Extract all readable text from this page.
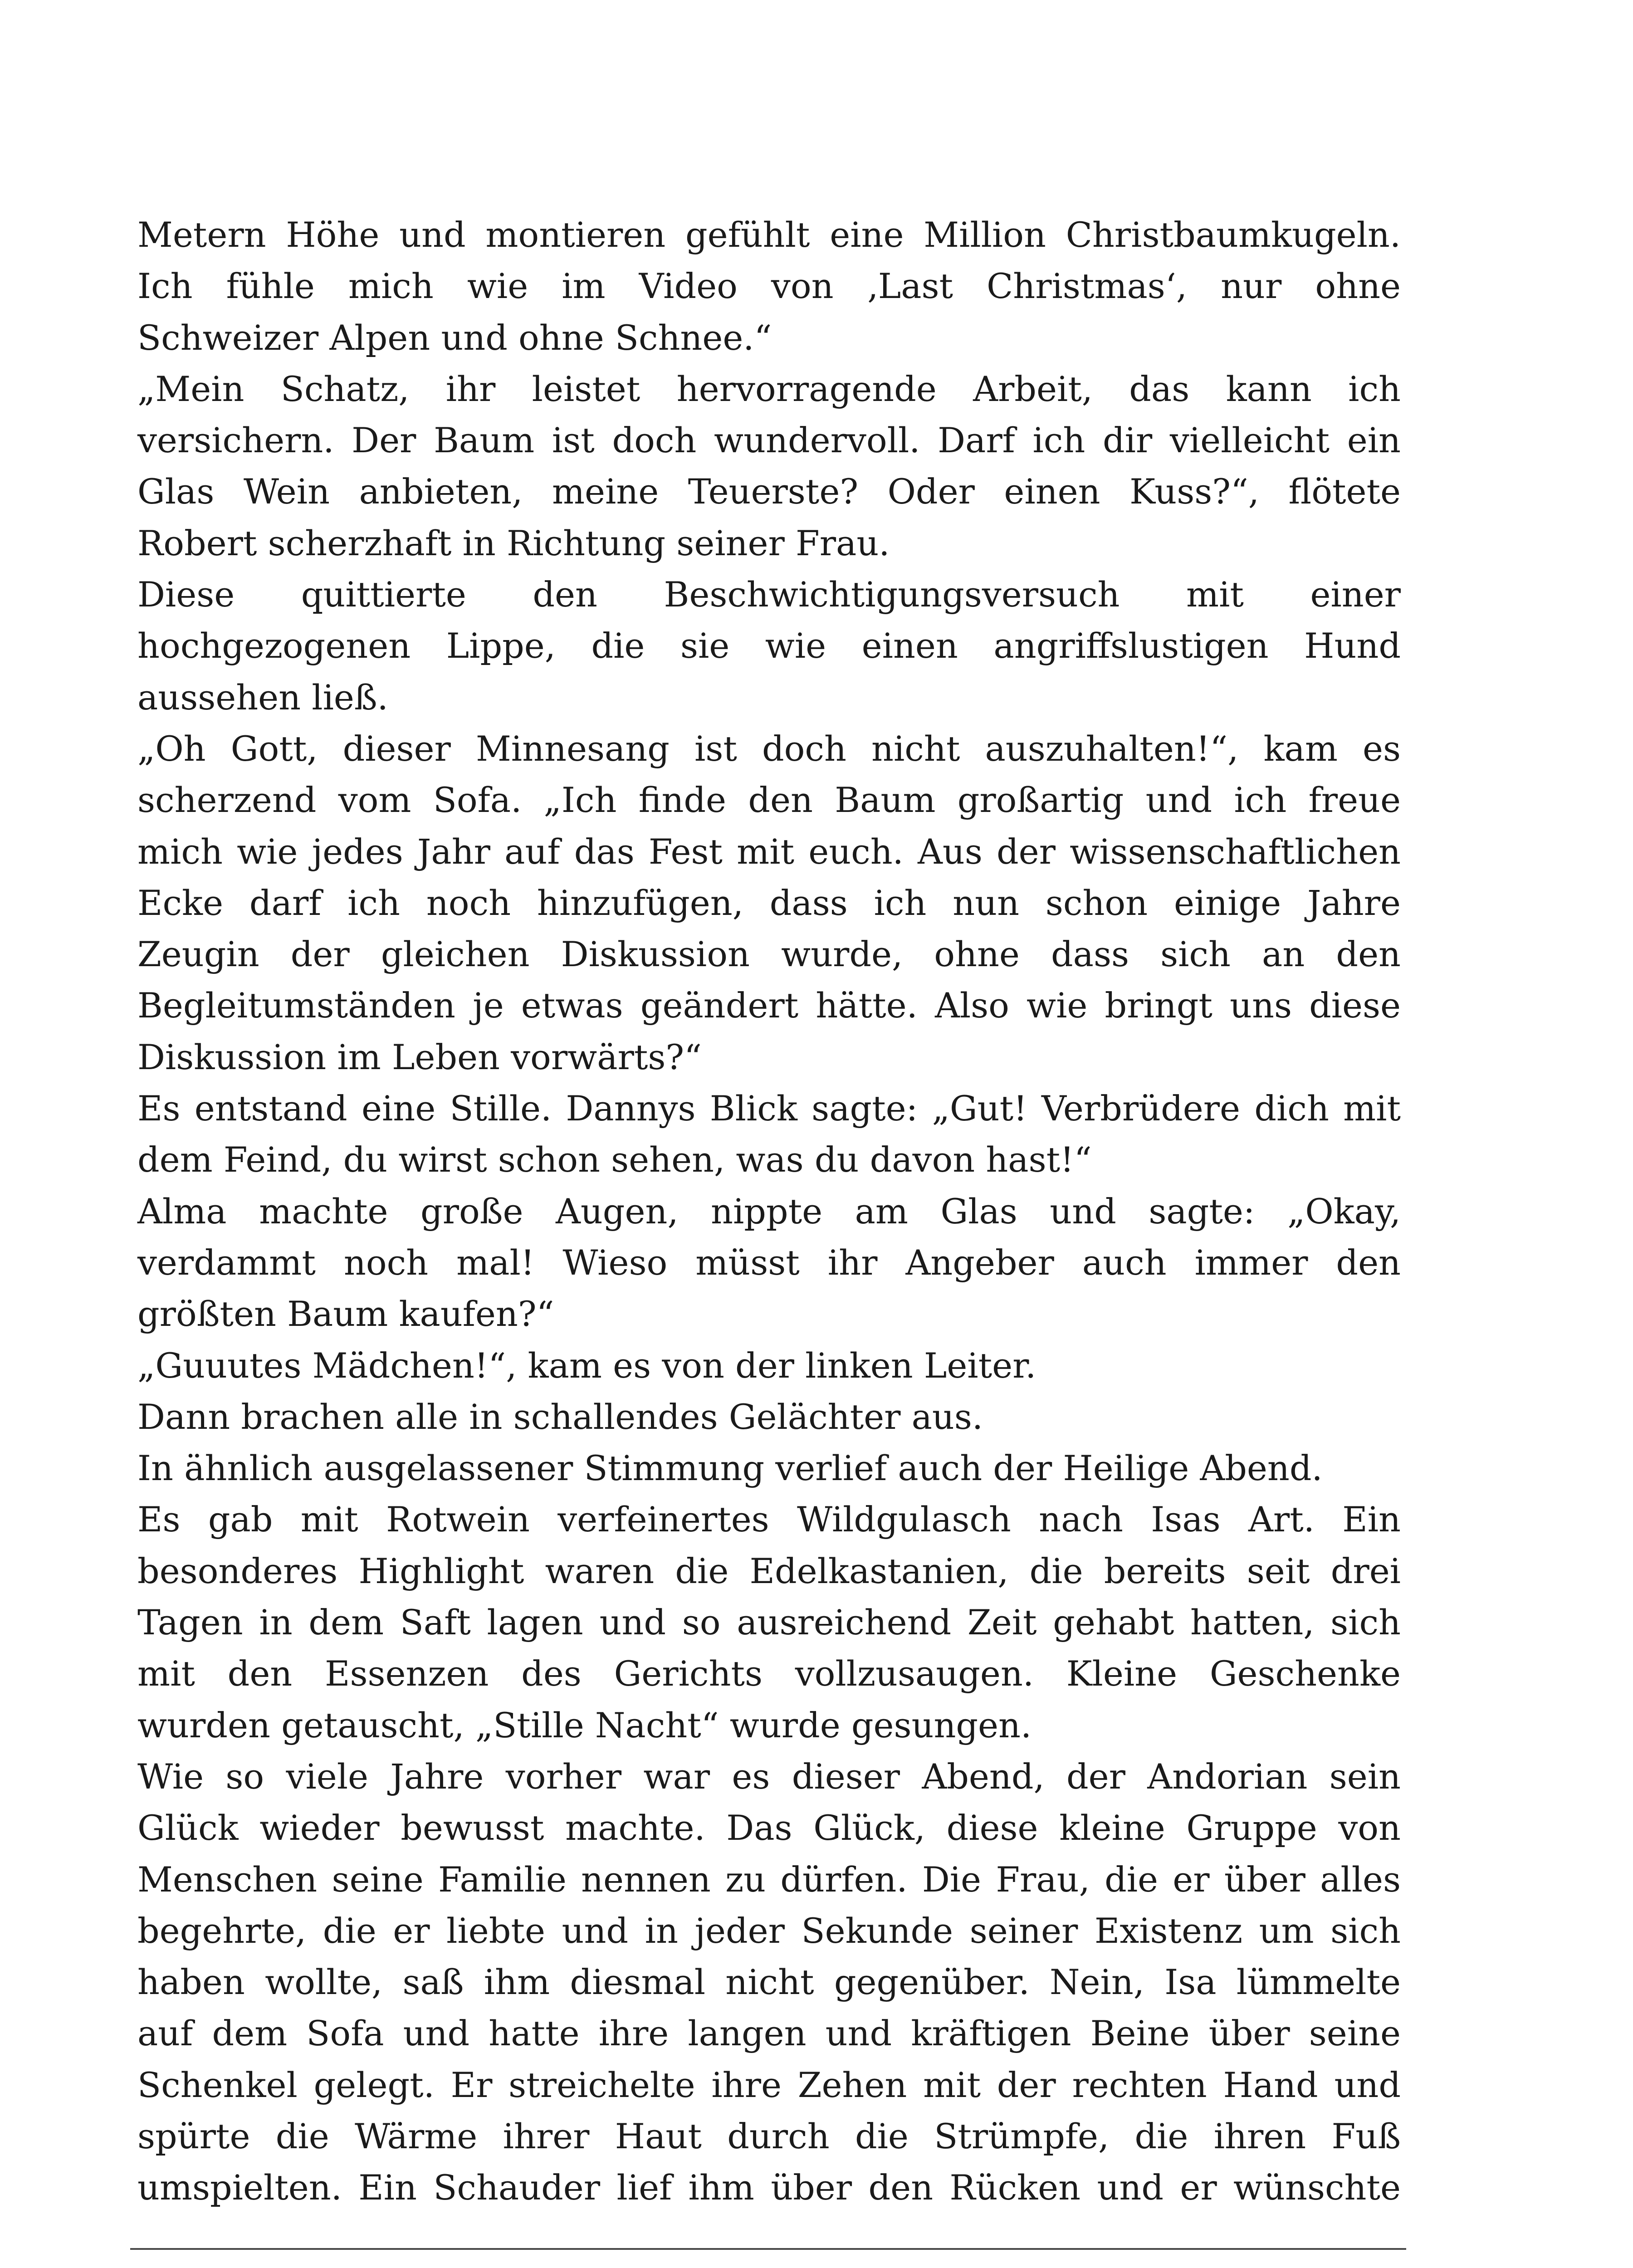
Metern Höhe und montieren gefühlt eine Million Christbaumkugeln.
Ich fühle mich wie im Video von ‚Last Christmas‘, nur ohne
Schweizer Alpen und ohne Schnee.“
„Mein Schatz, ihr leistet hervorragende Arbeit, das kann ich
versichern. Der Baum ist doch wundervoll. Darf ich dir vielleicht ein
Glas Wein anbieten, meine Teuerste? Oder einen Kuss?“, flötete
Robert scherzhaft in Richtung seiner Frau.
Diese quittierte den Beschwichtigungsversuch mit einer
hochgezogenen Lippe, die sie wie einen angriffslustigen Hund
aussehen ließ.
„Oh Gott, dieser Minnesang ist doch nicht auszuhalten!“, kam es
scherzend vom Sofa. „Ich finde den Baum großartig und ich freue
mich wie jedes Jahr auf das Fest mit euch. Aus der wissenschaftlichen
Ecke darf ich noch hinzufügen, dass ich nun schon einige Jahre
Zeugin der gleichen Diskussion wurde, ohne dass sich an den
Begleitumständen je etwas geändert hätte. Also wie bringt uns diese
Diskussion im Leben vorwärts?“
Es entstand eine Stille. Dannys Blick sagte: „Gut! Verbrüdere dich mit
dem Feind, du wirst schon sehen, was du davon hast!“
Alma machte große Augen, nippte am Glas und sagte: „Okay,
verdammt noch mal! Wieso müsst ihr Angeber auch immer den
größten Baum kaufen?“
„Guuutes Mädchen!“, kam es von der linken Leiter.
Dann brachen alle in schallendes Gelächter aus.
In ähnlich ausgelassener Stimmung verlief auch der Heilige Abend.
Es gab mit Rotwein verfeinertes Wildgulasch nach Isas Art. Ein
besonderes Highlight waren die Edelkastanien, die bereits seit drei
Tagen in dem Saft lagen und so ausreichend Zeit gehabt hatten, sich
mit den Essenzen des Gerichts vollzusaugen. Kleine Geschenke
wurden getauscht, „Stille Nacht“ wurde gesungen.
Wie so viele Jahre vorher war es dieser Abend, der Andorian sein
Glück wieder bewusst machte. Das Glück, diese kleine Gruppe von
Menschen seine Familie nennen zu dürfen. Die Frau, die er über alles
begehrte, die er liebte und in jeder Sekunde seiner Existenz um sich
haben wollte, saß ihm diesmal nicht gegenüber. Nein, Isa lümmelte
auf dem Sofa und hatte ihre langen und kräftigen Beine über seine
Schenkel gelegt. Er streichelte ihre Zehen mit der rechten Hand und
spürte die Wärme ihrer Haut durch die Strümpfe, die ihren Fuß
umspielten. Ein Schauder lief ihm über den Rücken und er wünschte
